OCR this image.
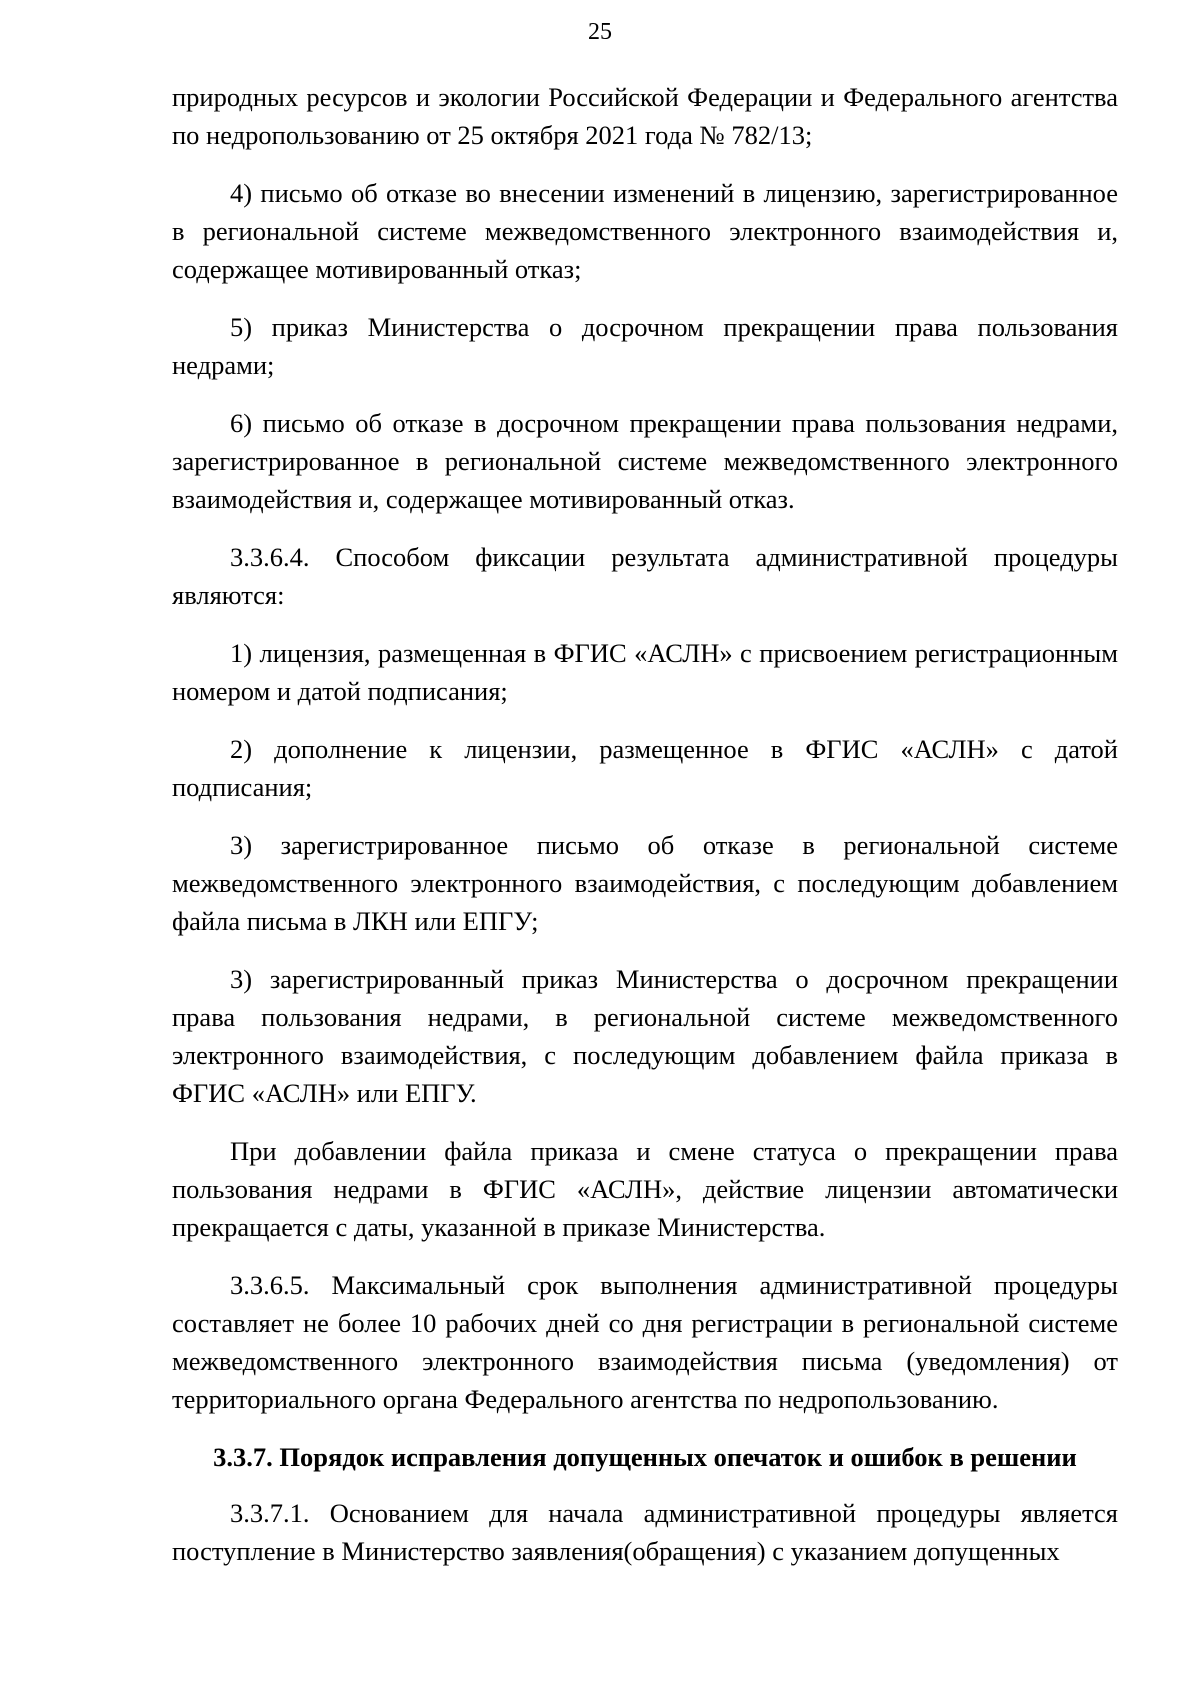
25

природных ресурсов и экологии Российской Федерации и Федерального агентства по недропользованию от 25 октября 2021 года № 782/13;

4) письмо об отказе во внесении изменений в лицензию, зарегистрированное в региональной системе межведомственного электронного взаимодействия и, содержащее мотивированный отказ;

5) приказ Министерства о досрочном прекращении права пользования недрами;

6) письмо об отказе в досрочном прекращении права пользования недрами, зарегистрированное в региональной системе межведомственного электронного взаимодействия и, содержащее мотивированный отказ.

3.3.6.4. Способом фиксации результата административной процедуры являются:

1) лицензия, размещенная в ФГИС «АСЛН» с присвоением регистрационным номером и датой подписания;

2) дополнение к лицензии, размещенное в ФГИС «АСЛН» с датой подписания;

3) зарегистрированное письмо об отказе в региональной системе межведомственного электронного взаимодействия, с последующим добавлением файла письма в ЛКН или ЕПГУ;

3) зарегистрированный приказ Министерства о досрочном прекращении права пользования недрами, в региональной системе межведомственного электронного взаимодействия, с последующим добавлением файла приказа в ФГИС «АСЛН» или ЕПГУ.

При добавлении файла приказа и смене статуса о прекращении права пользования недрами в ФГИС «АСЛН», действие лицензии автоматически прекращается с даты, указанной в приказе Министерства.

3.3.6.5. Максимальный срок выполнения административной процедуры составляет не более 10 рабочих дней со дня регистрации в региональной системе межведомственного электронного взаимодействия письма (уведомления) от территориального органа Федерального агентства по недропользованию.

3.3.7. Порядок исправления допущенных опечаток и ошибок в решении

3.3.7.1. Основанием для начала административной процедуры является поступление в Министерство заявления(обращения) с указанием допущенных
